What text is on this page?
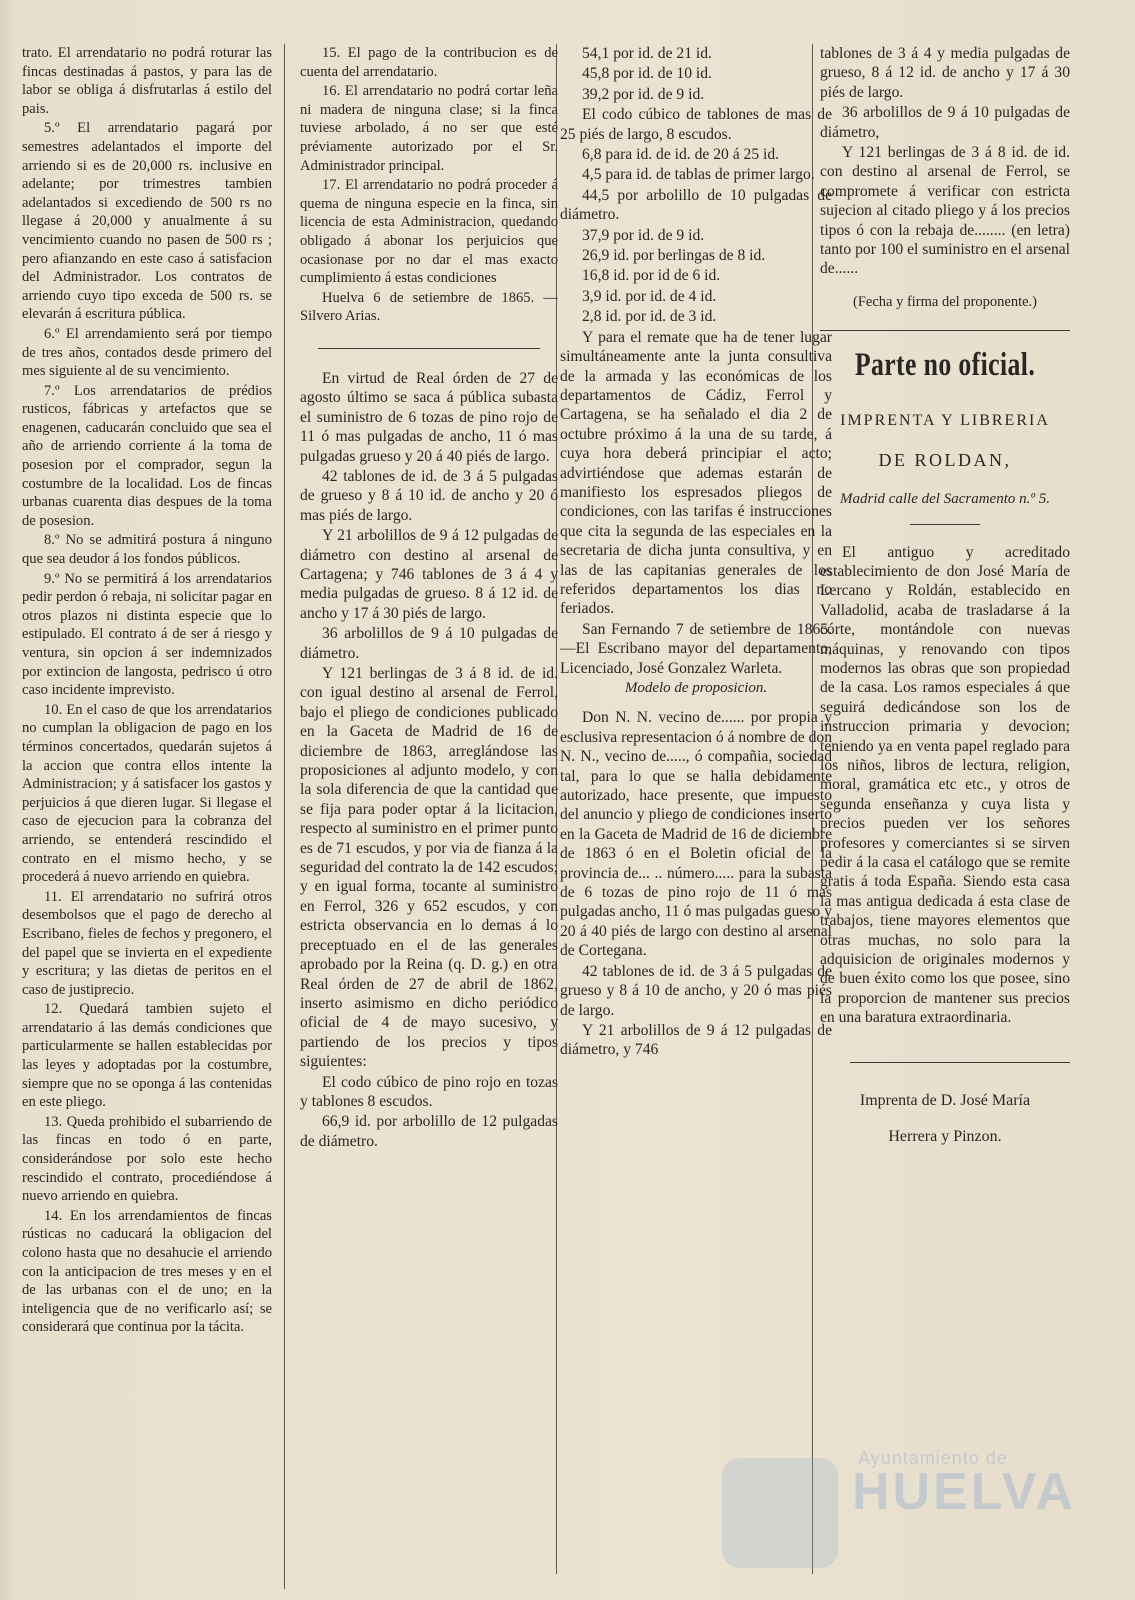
trato. El arrendatario no podrá roturar las fincas destinadas á pastos, y para las de labor se obliga á disfrutarlas á estilo del pais.

5.º El arrendatario pagará por semestres adelantados el importe del arriendo si es de 20,000 rs. inclusive en adelante; por trimestres tambien adelantados si excediendo de 500 rs no llegase á 20,000 y anualmente á su vencimiento cuando no pasen de 500 rs ; pero afianzando en este caso á satisfacion del Administrador. Los contratos de arriendo cuyo tipo exceda de 500 rs. se elevarán á escritura pública.

6.º El arrendamiento será por tiempo de tres años, contados desde primero del mes siguiente al de su vencimiento.

7.º Los arrendatarios de prédios rusticos, fábricas y artefactos que se enagenen, caducarán concluido que sea el año de arriendo corriente á la toma de posesion por el comprador, segun la costumbre de la localidad. Los de fincas urbanas cuarenta dias despues de la toma de posesion.

8.º No se admitirá postura á ninguno que sea deudor á los fondos públicos.

9.º No se permitirá á los arrendatarios pedir perdon ó rebaja, ni solicitar pagar en otros plazos ni distinta especie que lo estipulado. El contrato á de ser á riesgo y ventura, sin opcion á ser indemnizados por extincion de langosta, pedrisco ú otro caso incidente imprevisto.

10. En el caso de que los arrendatarios no cumplan la obligacion de pago en los términos concertados, quedarán sujetos á la accion que contra ellos intente la Administracion; y á satisfacer los gastos y perjuicios á que dieren lugar. Si llegase el caso de ejecucion para la cobranza del arriendo, se entenderá rescindido el contrato en el mismo hecho, y se procederá á nuevo arriendo en quiebra.

11. El arrendatario no sufrirá otros desembolsos que el pago de derecho al Escribano, fieles de fechos y pregonero, el del papel que se invierta en el expediente y escritura; y las dietas de peritos en el caso de justiprecio.

12. Quedará tambien sujeto el arrendatario á las demás condiciones que particularmente se hallen establecidas por las leyes y adoptadas por la costumbre, siempre que no se oponga á las contenidas en este pliego.

13. Queda prohibido el subarriendo de las fincas en todo ó en parte, considerándose por solo este hecho rescindido el contrato, procediéndose á nuevo arriendo en quiebra.

14. En los arrendamientos de fincas rústicas no caducará la obligacion del colono hasta que no desahucie el arriendo con la anticipacion de tres meses y en el de las urbanas con el de uno; en la inteligencia que de no verificarlo así; se considerará que continua por la tácita.

15. El pago de la contribucion es de cuenta del arrendatario.

16. El arrendatario no podrá cortar leña ni madera de ninguna clase; si la finca tuviese arbolado, á no ser que esté préviamente autorizado por el Sr. Administrador principal.

17. El arrendatario no podrá proceder á quema de ninguna especie en la finca, sin licencia de esta Administracion, quedando obligado á abonar los perjuicios que ocasionase por no dar el mas exacto cumplimiento á estas condiciones

Huelva 6 de setiembre de 1865. —Silvero Arias.

En virtud de Real órden de 27 de agosto último se saca á pública subasta el suministro de 6 tozas de pino rojo de 11 ó mas pulgadas de ancho, 11 ó mas pulgadas grueso y 20 á 40 piés de largo.

42 tablones de id. de 3 á 5 pulgadas de grueso y 8 á 10 id. de ancho y 20 ó mas piés de largo.

Y 21 arbolillos de 9 á 12 pulgadas de diámetro con destino al arsenal de Cartagena; y 746 tablones de 3 á 4 y media pulgadas de grueso. 8 á 12 id. de ancho y 17 á 30 piés de largo.

36 arbolillos de 9 á 10 pulgadas de diámetro.

Y 121 berlingas de 3 á 8 id. de id. con igual destino al arsenal de Ferrol, bajo el pliego de condiciones publicado en la Gaceta de Madrid de 16 de diciembre de 1863, arreglándose las proposiciones al adjunto modelo, y con la sola diferencia de que la cantidad que se fija para poder optar á la licitacion, respecto al suministro en el primer punto es de 71 escudos, y por via de fianza á la seguridad del contrato la de 142 escudos; y en igual forma, tocante al suministro en Ferrol, 326 y 652 escudos, y con estricta observancia en lo demas á lo preceptuado en el de las generales aprobado por la Reina (q. D. g.) en otra Real órden de 27 de abril de 1862, inserto asimismo en dicho periódico oficial de 4 de mayo sucesivo, y partiendo de los precios y tipos siguientes:

El codo cúbico de pino rojo en tozas y tablones 8 escudos.

66,9 id. por arbolillo de 12 pulgadas de diámetro.

54,1 por id. de 21 id.

45,8 por id. de 10 id.

39,2 por id. de 9 id.

El codo cúbico de tablones de mas de 25 piés de largo, 8 escudos.

6,8 para id. de id. de 20 á 25 id.

4,5 para id. de tablas de primer largo.

44,5 por arbolillo de 10 pulgadas de diámetro.

37,9 por id. de 9 id.

26,9 id. por berlingas de 8 id.

16,8 id. por id de 6 id.

3,9 id. por id. de 4 id.

2,8 id. por id. de 3 id.

Y para el remate que ha de tener lugar simultáneamente ante la junta consultiva de la armada y las económicas de los departamentos de Cádiz, Ferrol y Cartagena, se ha señalado el dia 2 de octubre próximo á la una de su tarde, á cuya hora deberá principiar el acto; advirtiéndose que ademas estarán de manifiesto los espresados pliegos de condiciones, con las tarifas é instrucciones que cita la segunda de las especiales en la secretaria de dicha junta consultiva, y en las de las capitanias generales de los referidos departamentos los dias no feriados.

San Fernando 7 de setiembre de 1865. —El Escribano mayor del departamento, Licenciado, José Gonzalez Warleta.

Modelo de proposicion.

Don N. N. vecino de...... por propia y esclusiva representacion ó á nombre de don N. N., vecino de....., ó compañia, sociedad tal, para lo que se halla debidamente autorizado, hace presente, que impuesto del anuncio y pliego de condiciones inserto en la Gaceta de Madrid de 16 de diciembre de 1863 ó en el Boletin oficial de la provincia de... .. número..... para la subasta de 6 tozas de pino rojo de 11 ó mas pulgadas ancho, 11 ó mas pulgadas gueso y 20 á 40 piés de largo con destino al arsenal de Cortegana.

42 tablones de id. de 3 á 5 pulgadas de grueso y 8 á 10 de ancho, y 20 ó mas piés de largo.

Y 21 arbolillos de 9 á 12 pulgadas de diámetro, y 746

tablones de 3 á 4 y media pulgadas de grueso, 8 á 12 id. de ancho y 17 á 30 piés de largo.

36 arbolillos de 9 á 10 pulgadas de diámetro,

Y 121 berlingas de 3 á 8 id. de id. con destino al arsenal de Ferrol, se compromete á verificar con estricta sujecion al citado pliego y á los precios tipos ó con la rebaja de........ (en letra) tanto por 100 el suministro en el arsenal de......

(Fecha y firma del proponente.)

Parte no oficial.

IMPRENTA Y LIBRERIA

DE ROLDAN,

Madrid calle del Sacramento n.º 5.

El antiguo y acreditado establecimiento de don José María de Lercano y Roldán, establecido en Valladolid, acaba de trasladarse á la córte, montándole con nuevas máquinas, y renovando con tipos modernos las obras que son propiedad de la casa. Los ramos especiales á que seguirá dedicándose son los de instruccion primaria y devocion; teniendo ya en venta papel reglado para los niños, libros de lectura, religion, moral, gramática etc etc., y otros de segunda enseñanza y cuya lista y precios pueden ver los señores profesores y comerciantes si se sirven pedir á la casa el catálogo que se remite gratis á toda España. Siendo esta casa la mas antigua dedicada á esta clase de trabajos, tiene mayores elementos que otras muchas, no solo para la adquisicion de originales modernos y de buen éxito como los que posee, sino la proporcion de mantener sus precios en una baratura extraordinaria.

Imprenta de D. José María
Herrera y Pinzon.
Ayuntamiento de
HUELVA
